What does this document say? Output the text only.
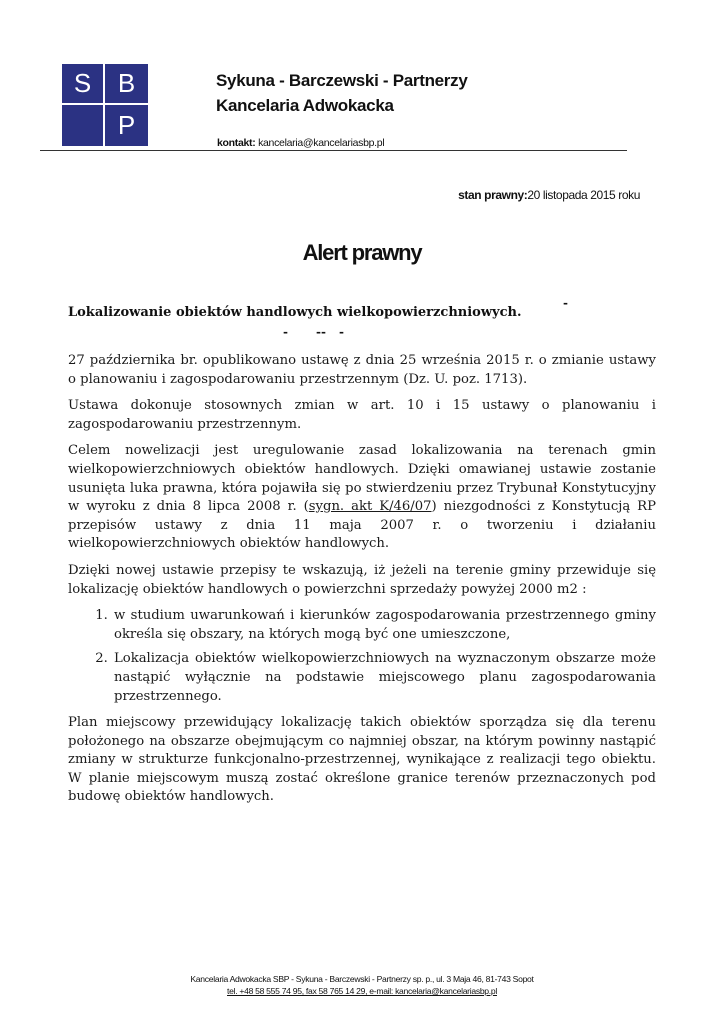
S	B
P
Sykuna - Barczewski - Partnerzy
Kancelaria Adwokacka
kontakt: kancelaria@kancelariasbp.pl
stan prawny:20 listopada 2015 roku
Alert prawny
Lokalizowanie obiektów handlowych wielkopowierzchniowych.
-
- -- -

27 października br. opublikowano ustawę z dnia 25 września 2015 r. o zmianie ustawy o planowaniu i zagospodarowaniu przestrzennym (Dz. U. poz. 1713).

Ustawa dokonuje stosownych zmian w art. 10 i 15 ustawy o planowaniu i zagospodarowaniu przestrzennym.

Celem nowelizacji jest uregulowanie zasad lokalizowania na terenach gmin wielkopowierzchniowych obiektów handlowych. Dzięki omawianej ustawie zostanie usunięta luka prawna, która pojawiła się po stwierdzeniu przez Trybunał Konstytucyjny w wyroku z dnia 8 lipca 2008 r. (sygn. akt K/46/07) niezgodności z Konstytucją RP przepisów ustawy z dnia 11 maja 2007 r. o tworzeniu i działaniu wielkopowierzchniowych obiektów handlowych.

Dzięki nowej ustawie przepisy te wskazują, iż jeżeli na terenie gminy przewiduje się lokalizację obiektów handlowych o powierzchni sprzedaży powyżej 2000 m2 :

1. w studium uwarunkowań i kierunków zagospodarowania przestrzennego gminy określa się obszary, na których mogą być one umieszczone,
2. Lokalizacja obiektów wielkopowierzchniowych na wyznaczonym obszarze może nastąpić wyłącznie na podstawie miejscowego planu zagospodarowania przestrzennego.

Plan miejscowy przewidujący lokalizację takich obiektów sporządza się dla terenu położonego na obszarze obejmującym co najmniej obszar, na którym powinny nastąpić zmiany w strukturze funkcjonalno-przestrzennej, wynikające z realizacji tego obiektu. W planie miejscowym muszą zostać określone granice terenów przeznaczonych pod budowę obiektów handlowych.

Kancelaria Adwokacka SBP - Sykuna - Barczewski - Partnerzy sp. p., ul. 3 Maja 46, 81-743 Sopot
tel. +48 58 555 74 95, fax 58 765 14 29, e-mail: kancelaria@kancelariasbp.pl
